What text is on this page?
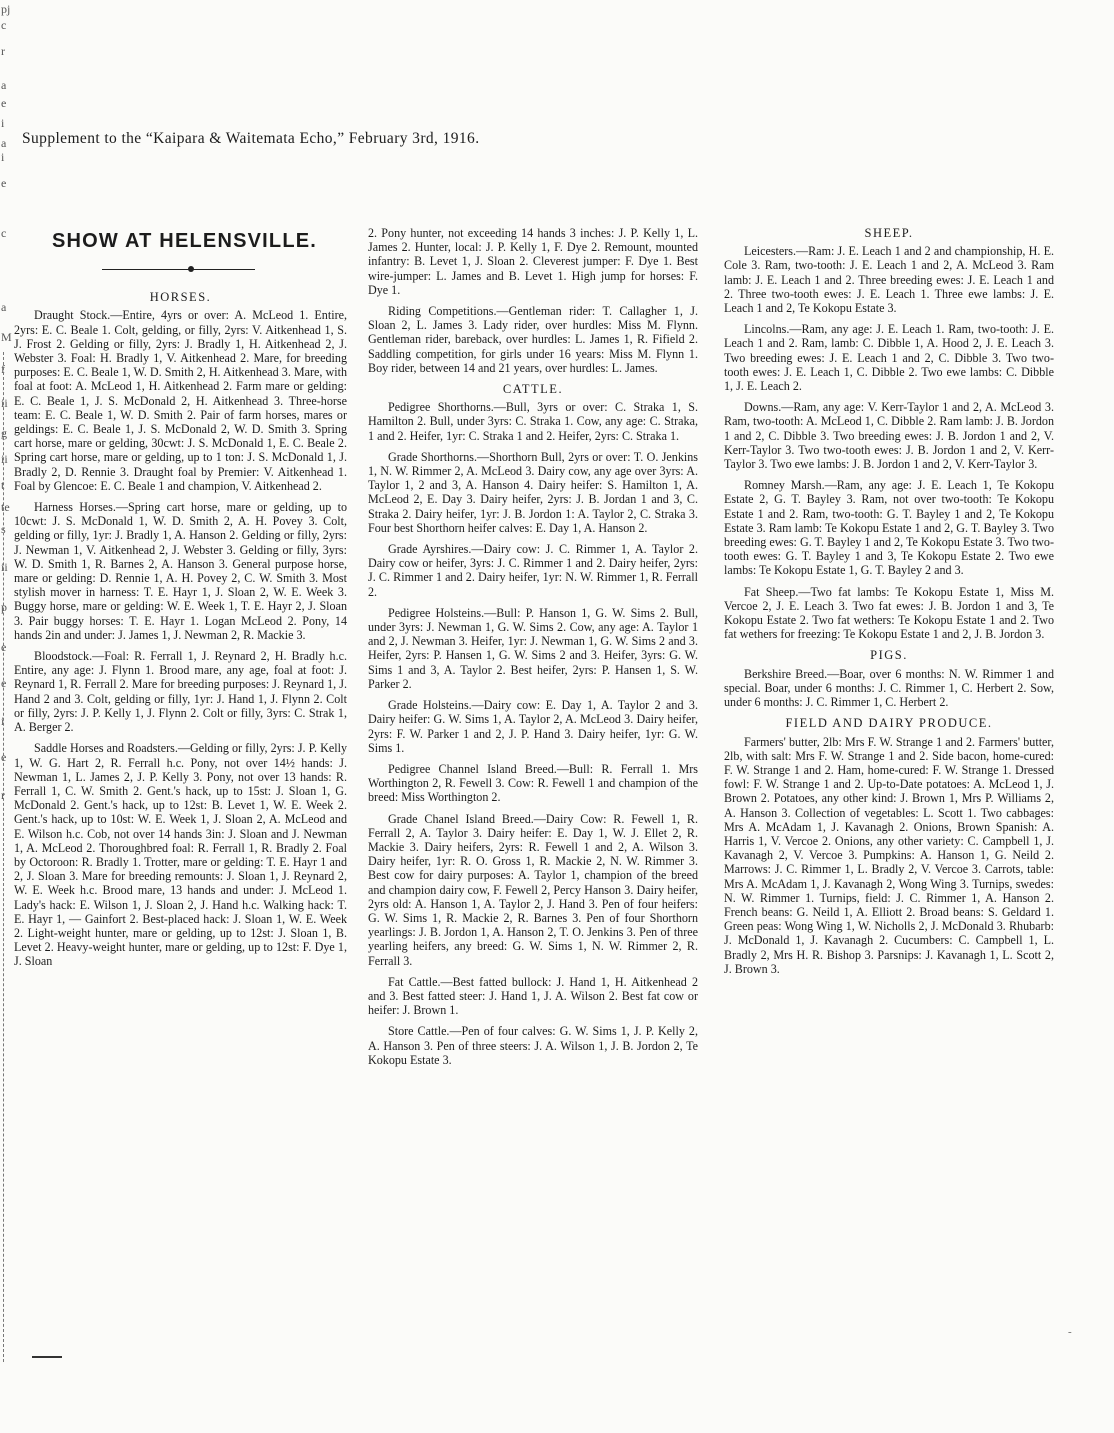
pj
c
r
а
e
i
a
i
e
c
a
M
f
ii
g
ii
t
te
s
ii
p
e
e
i
e
r
Supplement to the “Kaipara & Waitemata Echo,” February 3rd, 1916.
SHOW AT HELENSVILLE.
HORSES.

Draught Stock.—Entire, 4yrs or over: A. McLeod 1. Entire, 2yrs: E. C. Beale 1. Colt, gelding, or filly, 2yrs: V. Aitkenhead 1, S. J. Frost 2. Gelding or filly, 2yrs: J. Bradly 1, H. Aitkenhead 2, J. Webster 3. Foal: H. Bradly 1, V. Aitkenhead 2. Mare, for breeding purposes: E. C. Beale 1, W. D. Smith 2, H. Aitkenhead 3. Mare, with foal at foot: A. McLeod 1, H. Aitkenhead 2. Farm mare or gelding: E. C. Beale 1, J. S. McDonald 2, H. Aitkenhead 3. Three-horse team: E. C. Beale 1, W. D. Smith 2. Pair of farm horses, mares or geldings: E. C. Beale 1, J. S. McDonald 2, W. D. Smith 3. Spring cart horse, mare or gelding, 30cwt: J. S. McDonald 1, E. C. Beale 2. Spring cart horse, mare or gelding, up to 1 ton: J. S. McDonald 1, J. Bradly 2, D. Rennie 3. Draught foal by Premier: V. Aitkenhead 1. Foal by Glencoe: E. C. Beale 1 and champion, V. Aitkenhead 2.

Harness Horses.—Spring cart horse, mare or gelding, up to 10cwt: J. S. McDonald 1, W. D. Smith 2, A. H. Povey 3. Colt, gelding or filly, 1yr: J. Bradly 1, A. Hanson 2. Gelding or filly, 2yrs: J. Newman 1, V. Aitkenhead 2, J. Webster 3. Gelding or filly, 3yrs: W. D. Smith 1, R. Barnes 2, A. Hanson 3. General purpose horse, mare or gelding: D. Rennie 1, A. H. Povey 2, C. W. Smith 3. Most stylish mover in harness: T. E. Hayr 1, J. Sloan 2, W. E. Week 3. Buggy horse, mare or gelding: W. E. Week 1, T. E. Hayr 2, J. Sloan 3. Pair buggy horses: T. E. Hayr 1. Logan McLeod 2. Pony, 14 hands 2in and under: J. James 1, J. Newman 2, R. Mackie 3.

Bloodstock.—Foal: R. Ferrall 1, J. Reynard 2, H. Bradly h.c. Entire, any age: J. Flynn 1. Brood mare, any age, foal at foot: J. Reynard 1, R. Ferrall 2. Mare for breeding purposes: J. Reynard 1, J. Hand 2 and 3. Colt, gelding or filly, 1yr: J. Hand 1, J. Flynn 2. Colt or filly, 2yrs: J. P. Kelly 1, J. Flynn 2. Colt or filly, 3yrs: C. Strak 1, A. Berger 2.

Saddle Horses and Roadsters.—Gelding or filly, 2yrs: J. P. Kelly 1, W. G. Hart 2, R. Ferrall h.c. Pony, not over 14½ hands: J. Newman 1, L. James 2, J. P. Kelly 3. Pony, not over 13 hands: R. Ferrall 1, C. W. Smith 2. Gent.'s hack, up to 15st: J. Sloan 1, G. McDonald 2. Gent.'s hack, up to 12st: B. Levet 1, W. E. Week 2. Gent.'s hack, up to 10st: W. E. Week 1, J. Sloan 2, A. McLeod and E. Wilson h.c. Cob, not over 14 hands 3in: J. Sloan and J. Newman 1, A. McLeod 2. Thoroughbred foal: R. Ferrall 1, R. Bradly 2. Foal by Octoroon: R. Bradly 1. Trotter, mare or gelding: T. E. Hayr 1 and 2, J. Sloan 3. Mare for breeding remounts: J. Sloan 1, J. Reynard 2, W. E. Week h.c. Brood mare, 13 hands and under: J. McLeod 1. Lady's hack: E. Wilson 1, J. Sloan 2, J. Hand h.c. Walking hack: T. E. Hayr 1, — Gainfort 2. Best-placed hack: J. Sloan 1, W. E. Week 2. Light-weight hunter, mare or gelding, up to 12st: J. Sloan 1, B. Levet 2. Heavy-weight hunter, mare or gelding, up to 12st: F. Dye 1, J. Sloan

2. Pony hunter, not exceeding 14 hands 3 inches: J. P. Kelly 1, L. James 2. Hunter, local: J. P. Kelly 1, F. Dye 2. Remount, mounted infantry: B. Levet 1, J. Sloan 2. Cleverest jumper: F. Dye 1. Best wire-jumper: L. James and B. Levet 1. High jump for horses: F. Dye 1.

Riding Competitions.—Gentleman rider: T. Callagher 1, J. Sloan 2, L. James 3. Lady rider, over hurdles: Miss M. Flynn. Gentleman rider, bareback, over hurdles: L. James 1, R. Fifield 2. Saddling competition, for girls under 16 years: Miss M. Flynn 1. Boy rider, between 14 and 21 years, over hurdles: L. James.

CATTLE.

Pedigree Shorthorns.—Bull, 3yrs or over: C. Straka 1, S. Hamilton 2. Bull, under 3yrs: C. Straka 1. Cow, any age: C. Straka, 1 and 2. Heifer, 1yr: C. Straka 1 and 2. Heifer, 2yrs: C. Straka 1.

Grade Shorthorns.—Shorthorn Bull, 2yrs or over: T. O. Jenkins 1, N. W. Rimmer 2, A. McLeod 3. Dairy cow, any age over 3yrs: A. Taylor 1, 2 and 3, A. Hanson 4. Dairy heifer: S. Hamilton 1, A. McLeod 2, E. Day 3. Dairy heifer, 2yrs: J. B. Jordan 1 and 3, C. Straka 2. Dairy heifer, 1yr: J. B. Jordon 1: A. Taylor 2, C. Straka 3. Four best Shorthorn heifer calves: E. Day 1, A. Hanson 2.

Grade Ayrshires.—Dairy cow: J. C. Rimmer 1, A. Taylor 2. Dairy cow or heifer, 3yrs: J. C. Rimmer 1 and 2. Dairy heifer, 2yrs: J. C. Rimmer 1 and 2. Dairy heifer, 1yr: N. W. Rimmer 1, R. Ferrall 2.

Pedigree Holsteins.—Bull: P. Hanson 1, G. W. Sims 2. Bull, under 3yrs: J. Newman 1, G. W. Sims 2. Cow, any age: A. Taylor 1 and 2, J. Newman 3. Heifer, 1yr: J. Newman 1, G. W. Sims 2 and 3. Heifer, 2yrs: P. Hansen 1, G. W. Sims 2 and 3. Heifer, 3yrs: G. W. Sims 1 and 3, A. Taylor 2. Best heifer, 2yrs: P. Hansen 1, S. W. Parker 2.

Grade Holsteins.—Dairy cow: E. Day 1, A. Taylor 2 and 3. Dairy heifer: G. W. Sims 1, A. Taylor 2, A. McLeod 3. Dairy heifer, 2yrs: F. W. Parker 1 and 2, J. P. Hand 3. Dairy heifer, 1yr: G. W. Sims 1.

Pedigree Channel Island Breed.—Bull: R. Ferrall 1. Mrs Worthington 2, R. Fewell 3. Cow: R. Fewell 1 and champion of the breed: Miss Worthington 2.

Grade Chanel Island Breed.—Dairy Cow: R. Fewell 1, R. Ferrall 2, A. Taylor 3. Dairy heifer: E. Day 1, W. J. Ellet 2, R. Mackie 3. Dairy heifers, 2yrs: R. Fewell 1 and 2, A. Wilson 3. Dairy heifer, 1yr: R. O. Gross 1, R. Mackie 2, N. W. Rimmer 3. Best cow for dairy purposes: A. Taylor 1, champion of the breed and champion dairy cow, F. Fewell 2, Percy Hanson 3. Dairy heifer, 2yrs old: A. Hanson 1, A. Taylor 2, J. Hand 3. Pen of four heifers: G. W. Sims 1, R. Mackie 2, R. Barnes 3. Pen of four Shorthorn yearlings: J. B. Jordon 1, A. Hanson 2, T. O. Jenkins 3. Pen of three yearling heifers, any breed: G. W. Sims 1, N. W. Rimmer 2, R. Ferrall 3.

Fat Cattle.—Best fatted bullock: J. Hand 1, H. Aitkenhead 2 and 3. Best fatted steer: J. Hand 1, J. A. Wilson 2. Best fat cow or heifer: J. Brown 1.

Store Cattle.—Pen of four calves: G. W. Sims 1, J. P. Kelly 2, A. Hanson 3. Pen of three steers: J. A. Wilson 1, J. B. Jordon 2, Te Kokopu Estate 3.

SHEEP.

Leicesters.—Ram: J. E. Leach 1 and 2 and championship, H. E. Cole 3. Ram, two-tooth: J. E. Leach 1 and 2, A. McLeod 3. Ram lamb: J. E. Leach 1 and 2. Three breeding ewes: J. E. Leach 1 and 2. Three two-tooth ewes: J. E. Leach 1. Three ewe lambs: J. E. Leach 1 and 2, Te Kokopu Estate 3.

Lincolns.—Ram, any age: J. E. Leach 1. Ram, two-tooth: J. E. Leach 1 and 2. Ram, lamb: C. Dibble 1, A. Hood 2, J. E. Leach 3. Two breeding ewes: J. E. Leach 1 and 2, C. Dibble 3. Two two-tooth ewes: J. E. Leach 1, C. Dibble 2. Two ewe lambs: C. Dibble 1, J. E. Leach 2.

Downs.—Ram, any age: V. Kerr-Taylor 1 and 2, A. McLeod 3. Ram, two-tooth: A. McLeod 1, C. Dibble 2. Ram lamb: J. B. Jordon 1 and 2, C. Dibble 3. Two breeding ewes: J. B. Jordon 1 and 2, V. Kerr-Taylor 3. Two two-tooth ewes: J. B. Jordon 1 and 2, V. Kerr-Taylor 3. Two ewe lambs: J. B. Jordon 1 and 2, V. Kerr-Taylor 3.

Romney Marsh.—Ram, any age: J. E. Leach 1, Te Kokopu Estate 2, G. T. Bayley 3. Ram, not over two-tooth: Te Kokopu Estate 1 and 2. Ram, two-tooth: G. T. Bayley 1 and 2, Te Kokopu Estate 3. Ram lamb: Te Kokopu Estate 1 and 2, G. T. Bayley 3. Two breeding ewes: G. T. Bayley 1 and 2, Te Kokopu Estate 3. Two two-tooth ewes: G. T. Bayley 1 and 3, Te Kokopu Estate 2. Two ewe lambs: Te Kokopu Estate 1, G. T. Bayley 2 and 3.

Fat Sheep.—Two fat lambs: Te Kokopu Estate 1, Miss M. Vercoe 2, J. E. Leach 3. Two fat ewes: J. B. Jordon 1 and 3, Te Kokopu Estate 2. Two fat wethers: Te Kokopu Estate 1 and 2. Two fat wethers for freezing: Te Kokopu Estate 1 and 2, J. B. Jordon 3.

PIGS.

Berkshire Breed.—Boar, over 6 months: N. W. Rimmer 1 and special. Boar, under 6 months: J. C. Rimmer 1, C. Herbert 2. Sow, under 6 months: J. C. Rimmer 1, C. Herbert 2.

FIELD AND DAIRY PRODUCE.

Farmers' butter, 2lb: Mrs F. W. Strange 1 and 2. Farmers' butter, 2lb, with salt: Mrs F. W. Strange 1 and 2. Side bacon, home-cured: F. W. Strange 1 and 2. Ham, home-cured: F. W. Strange 1. Dressed fowl: F. W. Strange 1 and 2. Up-to-Date potatoes: A. McLeod 1, J. Brown 2. Potatoes, any other kind: J. Brown 1, Mrs P. Williams 2, A. Hanson 3. Collection of vegetables: L. Scott 1. Two cabbages: Mrs A. McAdam 1, J. Kavanagh 2. Onions, Brown Spanish: A. Harris 1, V. Vercoe 2. Onions, any other variety: C. Campbell 1, J. Kavanagh 2, V. Vercoe 3. Pumpkins: A. Hanson 1, G. Neild 2. Marrows: J. C. Rimmer 1, L. Bradly 2, V. Vercoe 3. Carrots, table: Mrs A. McAdam 1, J. Kavanagh 2, Wong Wing 3. Turnips, swedes: N. W. Rimmer 1. Turnips, field: J. C. Rimmer 1, A. Hanson 2. French beans: G. Neild 1, A. Elliott 2. Broad beans: S. Geldard 1. Green peas: Wong Wing 1, W. Nicholls 2, J. McDonald 3. Rhubarb: J. McDonald 1, J. Kavanagh 2. Cucumbers: C. Campbell 1, L. Bradly 2, Mrs H. R. Bishop 3. Parsnips: J. Kavanagh 1, L. Scott 2, J. Brown 3.

-
